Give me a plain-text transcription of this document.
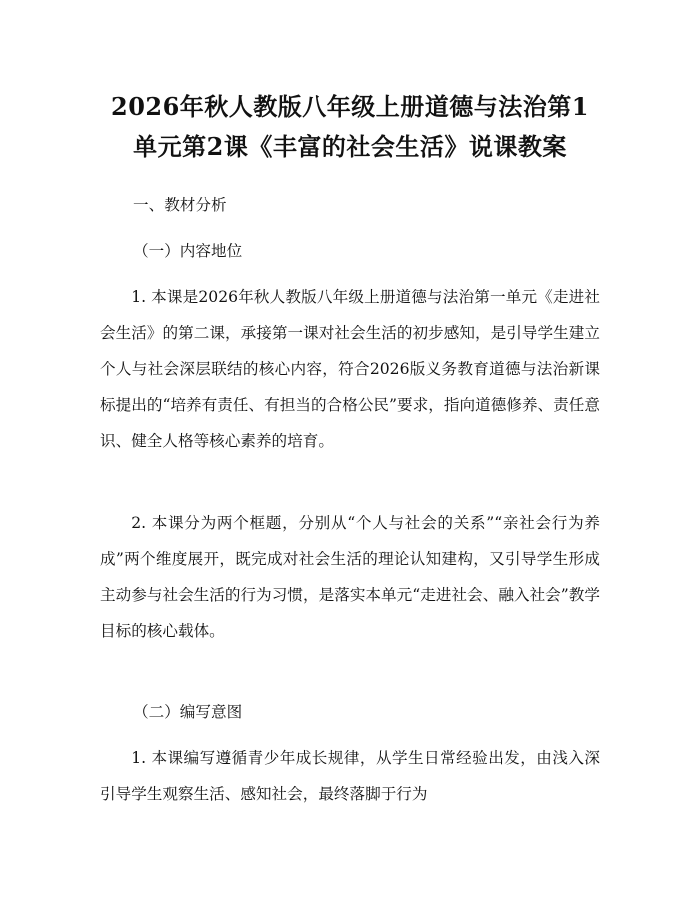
2026年秋人教版八年级上册道德与法治第1
单元第2课《丰富的社会生活》说课教案
一、教材分析
（一）内容地位

1. 本课是2026年秋人教版八年级上册道德与法治第一单元《走进社会生活》的第二课，承接第一课对社会生活的初步感知，是引导学生建立个人与社会深层联结的核心内容，符合2026版义务教育道德与法治新课标提出的“培养有责任、有担当的合格公民”要求，指向道德修养、责任意识、健全人格等核心素养的培育。

2. 本课分为两个框题，分别从“个人与社会的关系”“亲社会行为养成”两个维度展开，既完成对社会生活的理论认知建构，又引导学生形成主动参与社会生活的行为习惯，是落实本单元“走进社会、融入社会”教学目标的核心载体。

（二）编写意图

1. 本课编写遵循青少年成长规律，从学生日常经验出发，由浅入深引导学生观察生活、感知社会，最终落脚于行为
